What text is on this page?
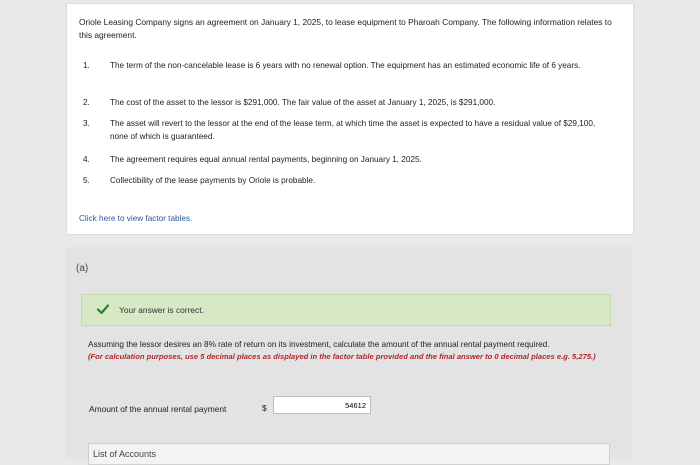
Oriole Leasing Company signs an agreement on January 1, 2025, to lease equipment to Pharoah Company. The following information relates to this agreement.
1.	The term of the non-cancelable lease is 6 years with no renewal option. The equipment has an estimated economic life of 6 years.
2.	The cost of the asset to the lessor is $291,000. The fair value of the asset at January 1, 2025, is $291,000.
3.	The asset will revert to the lessor at the end of the lease term, at which time the asset is expected to have a residual value of $29,100, none of which is guaranteed.
4.	The agreement requires equal annual rental payments, beginning on January 1, 2025.
5.	Collectibility of the lease payments by Oriole is probable.
Click here to view factor tables.
(a)
Your answer is correct.
Assuming the lessor desires an 8% rate of return on its investment, calculate the amount of the annual rental payment required.
(For calculation purposes, use 5 decimal places as displayed in the factor table provided and the final answer to 0 decimal places e.g. 5,275.)
Amount of the annual rental payment	$
54612
List of Accounts
